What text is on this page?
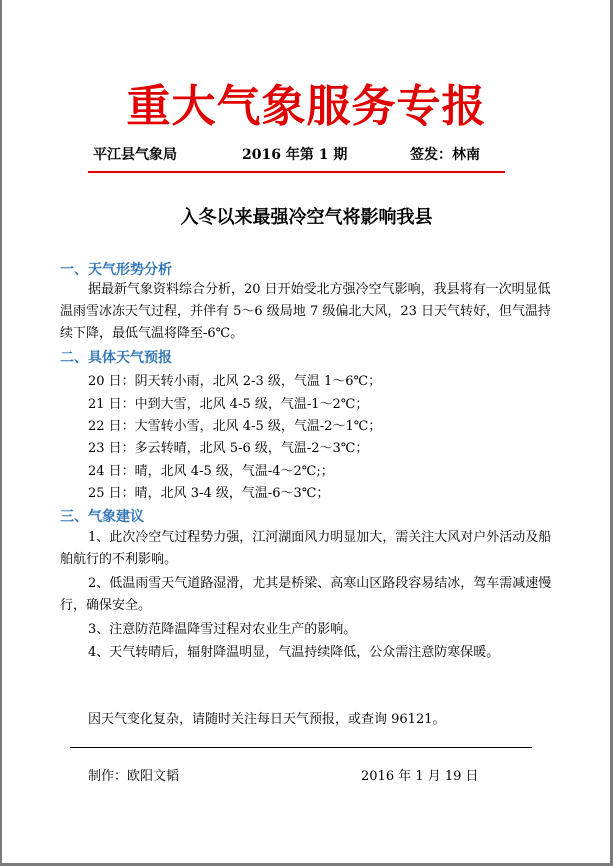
重大气象服务专报
平江县气象局	2016 年第 1 期	签发：林南
入冬以来最强冷空气将影响我县
一、天气形势分析
据最新气象资料综合分析，20 日开始受北方强冷空气影响，我县将有一次明显低温雨雪冰冻天气过程，并伴有 5～6 级局地 7 级偏北大风，23 日天气转好，但气温持续下降，最低气温将降至-6℃。
二、具体天气预报
20 日：阴天转小雨，北风 2-3 级，气温 1～6℃；
21 日：中到大雪，北风 4-5 级，气温-1～2℃；
22 日：大雪转小雪，北风 4-5 级，气温-2～1℃；
23 日：多云转晴，北风 5-6 级，气温-2～3℃；
24 日：晴，北风 4-5 级，气温-4～2℃;；
25 日：晴，北风 3-4 级，气温-6～3℃；
三、气象建议
1、此次冷空气过程势力强，江河湖面风力明显加大，需关注大风对户外活动及船舶航行的不利影响。
2、低温雨雪天气道路湿滑，尤其是桥梁、高寒山区路段容易结冰，驾车需减速慢行，确保安全。
3、注意防范降温降雪过程对农业生产的影响。
4、天气转晴后，辐射降温明显，气温持续降低，公众需注意防寒保暖。
因天气变化复杂，请随时关注每日天气预报，或查询 96121。
制作：欧阳文韬	2016 年 1 月 19 日
